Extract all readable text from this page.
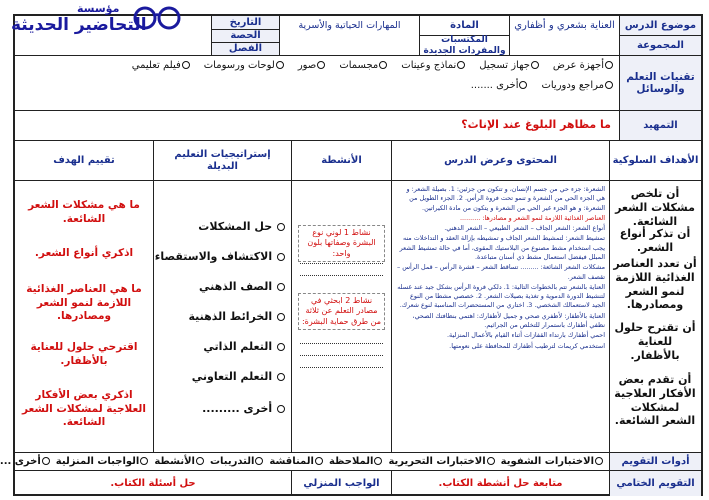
مؤسسة
التحاضير الحديثة	موضوع الدرس
المجموعة
العناية بشعري و أظفاري
المادة
المكتسبات والمفردات الجديدة
المهارات الحياتية والأسرية
التاريخ
الحصة
الفصل
تقنيات التعلم والوسائل
أجهزة عرض
جهاز تسجيل
نماذج وعينات
مجسمات
صور
لوحات ورسومات
فيلم تعليمي
مراجع ودوريات
أخرى .......
التمهيد
ما مظاهر البلوغ عند الإناث؟
الأهداف السلوكية
المحتوى وعرض الدرس
الأنشطة
إستراتيجيات التعليم البديلة
تقييم الهدف
أن تلخص مشكلات الشعر الشائعة.
أن تذكر أنواع الشعر.
أن تعدد العناصر الغذائية اللازمة لنمو الشعر ومصادرها.
أن تقترح حلول للعناية بالأظفار.
أن تقدم بعض الأفكار العلاجية لمشكلات الشعر الشائعة.

الشعرة: جزء حي من جسم الإنسان، و تتكون من جزئين: 1. بصيلة الشعر: و هي الجزء الحي من الشعرة و تنمو تحت فروة الرأس. 2. الجزء الطويل من الشعرة: و هو الجزء غير الحي من الشعرة و يتكون من مادة الكيراتين.

العناصر الغذائية اللازمة لنمو الشعر و مصادرها: ..........

أنواع الشعر: الشعر الجاف – الشعر الطبيعي – الشعر الدهني.

تمشيط الشعر: لتمشيط الشعر الجاف و تمشيطه بإزالة العقد و التداخلات منه يجب استخدام مشط مصنوع من البلاستيك المقوى، أما في حالة تمشيط الشعر المبلل فيفضل استعمال مشط ذي أسنان متباعدة.

مشكلات الشعر الشائعة: ......... تساقط الشعر – قشرة الرأس – قمل الرأس – تقصف الشعر.

العناية بالشعر تتم بالخطوات التالية: 1. دلكي فروة الرأس بشكل جيد عند غسله لتنشيط الدورة الدموية و تغذية بصيلات الشعر. 2. خصصي مشطا من النوع الجيد لاستعمالك الشخصي. 3. اختاري من المستحضرات المناسبة لنوع شعرك.

العناية بالأظفار: لأظفري صحي و جميل لأظفارك: اهتمي بنظافتك الصحي، نظفي أظفارك باستمرار للتخلص من الجراثيم.

احمي أظفارك بارتداء القفازات أثناء القيام بالأعمال المنزلية.

استخدمي كريمات لترطيب أظفارك للمحافظة على نعومتها.

نشاط 1 لوني نوع البشرة وصفاتها بلون واحد:
نشاط 2 ابحثي في مصادر التعلم عن ثلاثة من طرق حماية البشرة:
حل المشكلات
الاكتشاف والاستقصاء
الصف الذهني
الخرائط الذهنية
التعلم الذاتي
التعلم التعاوني
أخرى .........
ما هي مشكلات الشعر الشائعة.
اذكري أنواع الشعر.
ما هي العناصر الغذائية اللازمة لنمو الشعر ومصادرها.
اقترحي حلول للعناية بالأظفار.
اذكري بعض الأفكار العلاجية لمشكلات الشعر الشائعة.
أدوات التقويم
الاختبارات الشفوية
الاختبارات التحريرية
الملاحظة
المناقشة
التدريبات
الأنشطة
الواجبات المنزلية
أخرى ...
التقويم الختامي
متابعة حل أنشطة الكتاب.
الواجب المنزلي
حل أسئلة الكتاب.
